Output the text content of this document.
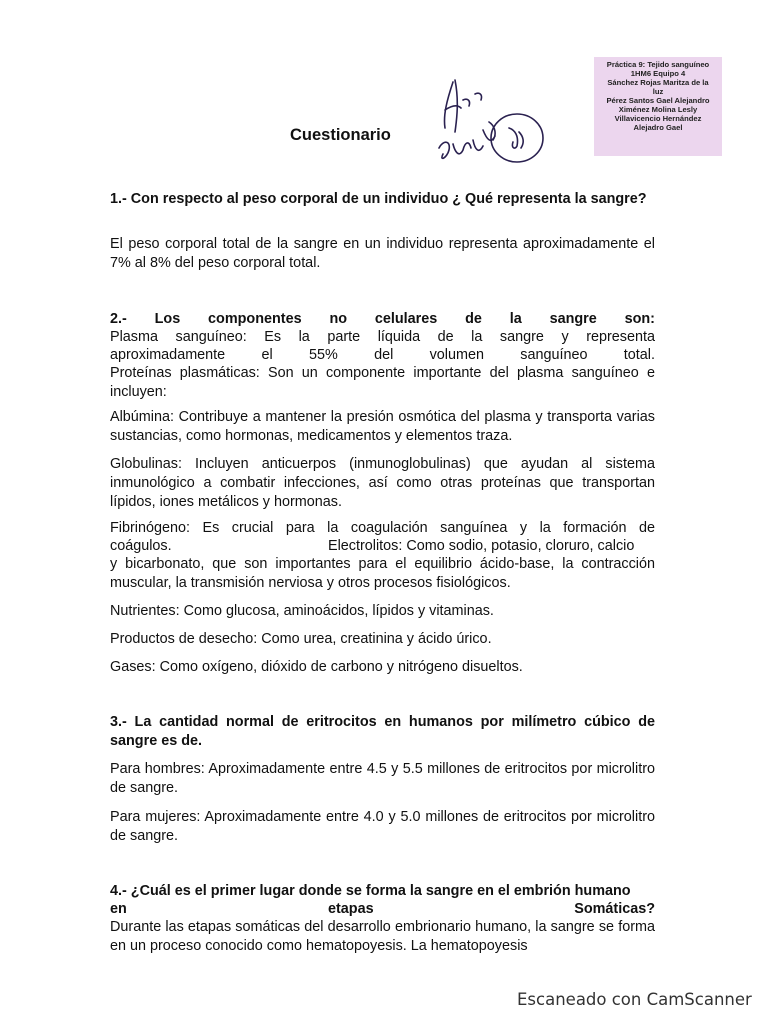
Práctica 9: Tejido sanguíneo
1HM6 Equipo 4
Sánchez Rojas Maritza de la
luz
Pérez Santos Gael Alejandro
Ximénez Molina Lesly
Villavicencio Hernández
Alejadro Gael
Cuestionario
1.- Con respecto al peso corporal de un individuo ¿ Qué representa la sangre?
El peso corporal total de la sangre en un individuo representa aproximadamente el 7% al 8% del peso corporal total.
2.- Los componentes no celulares de la sangre son:
Plasma sanguíneo: Es la parte líquida de la sangre y representa
aproximadamente	el	55%	del	volumen	sanguíneo	total.
Proteínas plasmáticas: Son un componente importante del plasma sanguíneo e incluyen:
Albúmina: Contribuye a mantener la presión osmótica del plasma y transporta varias sustancias, como hormonas, medicamentos y elementos traza.
Globulinas: Incluyen anticuerpos (inmunoglobulinas) que ayudan al sistema inmunológico a combatir infecciones, así como otras proteínas que transportan lípidos, iones metálicos y hormonas.
Fibrinógeno: Es crucial para la coagulación sanguínea y la formación de
coágulos.	Electrolitos: Como sodio, potasio, cloruro, calcio
y bicarbonato, que son importantes para el equilibrio ácido-base, la contracción muscular, la transmisión nerviosa y otros procesos fisiológicos.
Nutrientes: Como glucosa, aminoácidos, lípidos y vitaminas.
Productos de desecho: Como urea, creatinina y ácido úrico.
Gases: Como oxígeno, dióxido de carbono y nitrógeno disueltos.
3.- La cantidad normal de eritrocitos en humanos por milímetro cúbico de sangre es de.
Para hombres: Aproximadamente entre 4.5 y 5.5 millones de eritrocitos por microlitro de sangre.
Para mujeres: Aproximadamente entre 4.0 y 5.0 millones de eritrocitos por microlitro de sangre.
4.- ¿Cuál es el primer lugar donde se forma la sangre en el embrión humano
en	etapas	Somáticas?
Durante las etapas somáticas del desarrollo embrionario humano, la sangre se forma en un proceso conocido como hematopoyesis. La hematopoyesis
Escaneado con CamScanner
